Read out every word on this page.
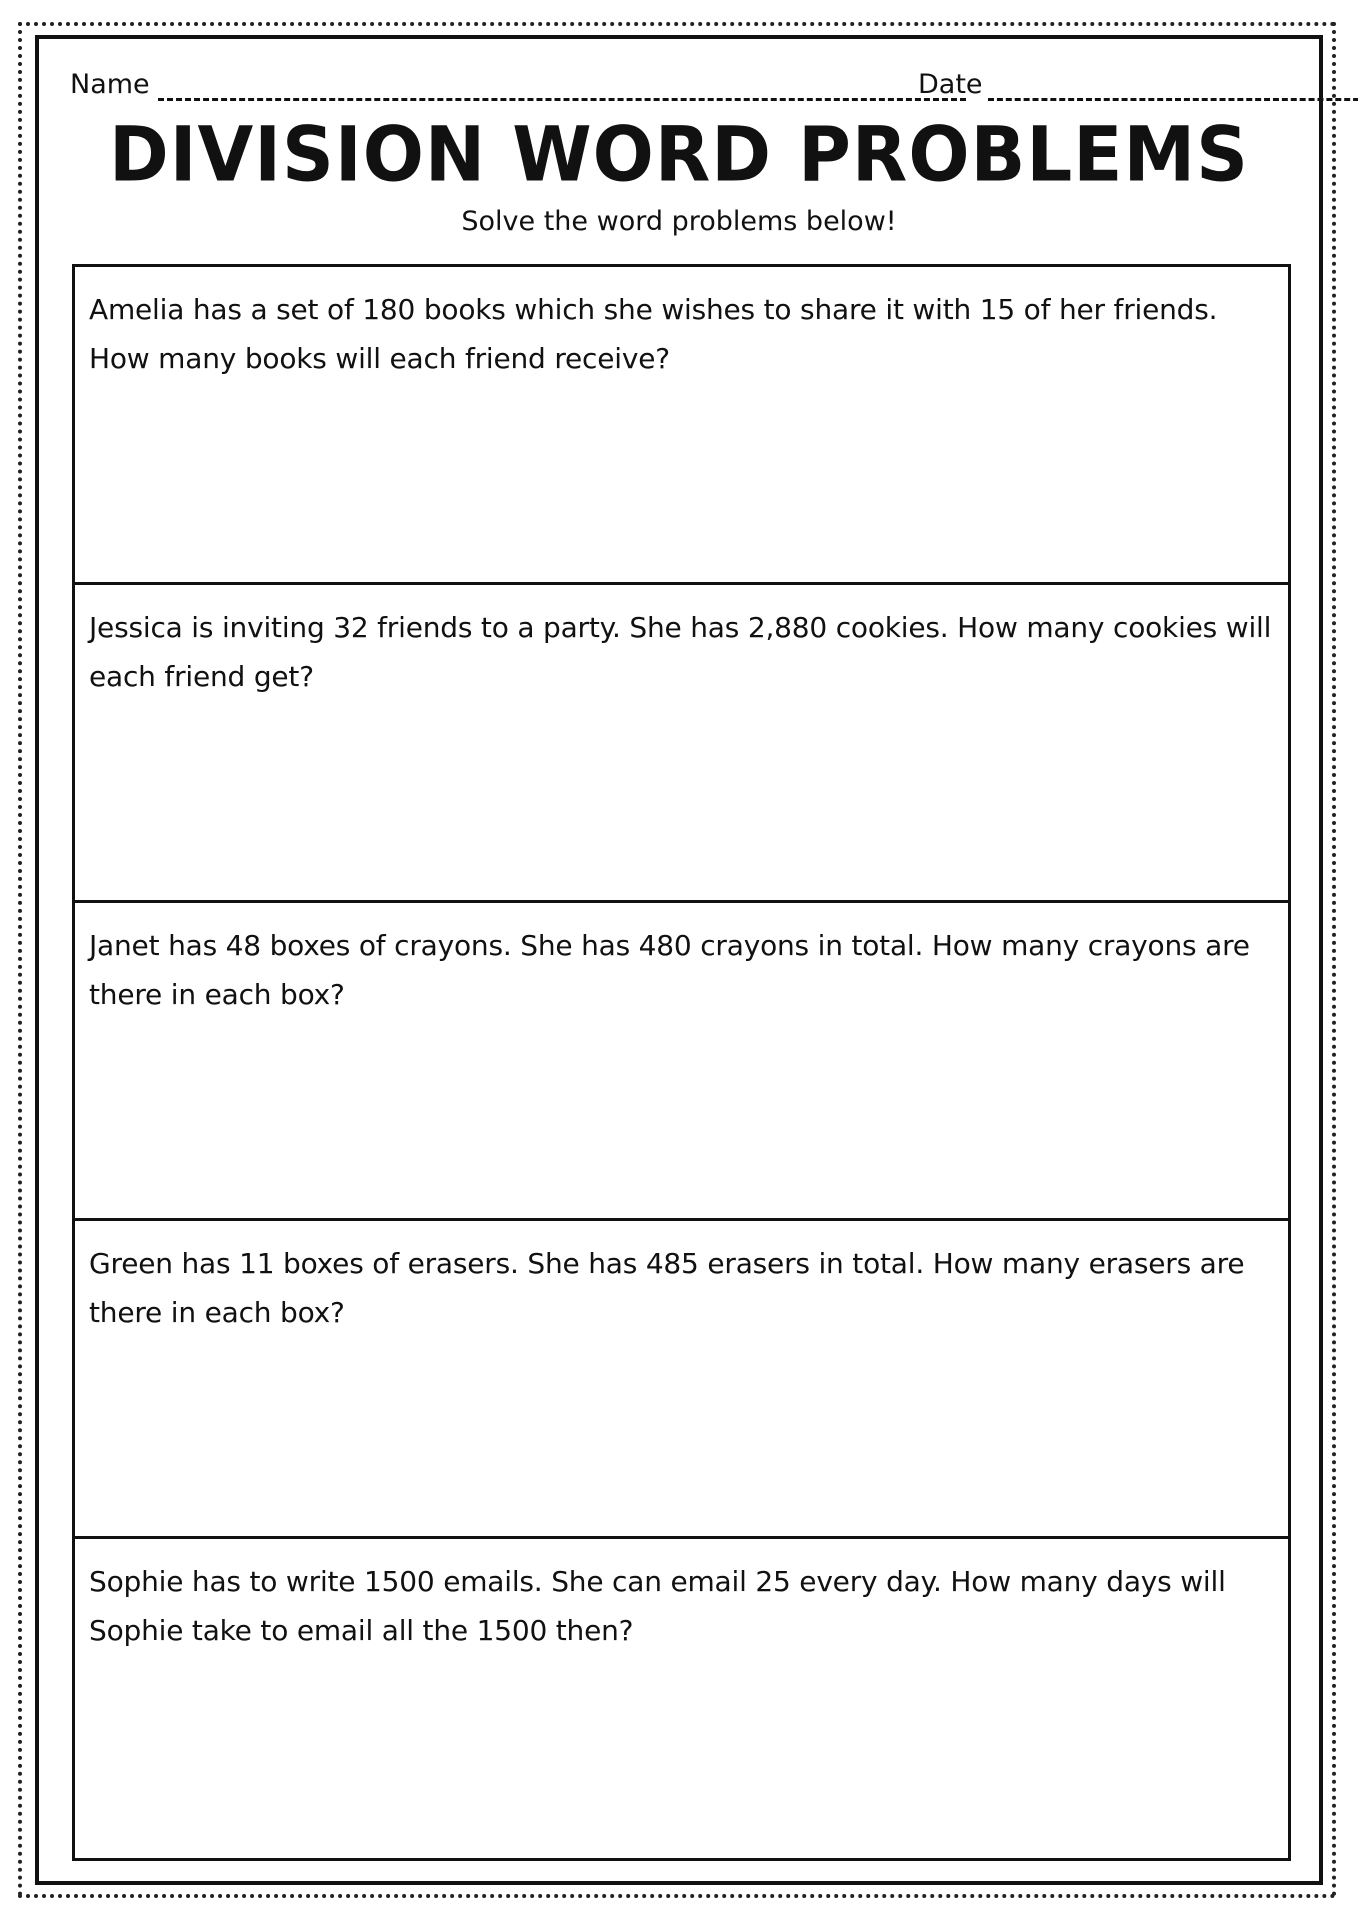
Name	Date
DIVISION WORD PROBLEMS
Solve the word problems below!
Amelia has a set of 180 books which she wishes to share it with 15 of her friends. How many books will each friend receive?
Jessica is inviting 32 friends to a party. She has 2,880 cookies. How many cookies will each friend get?
Janet has 48 boxes of crayons. She has 480 crayons in total. How many crayons are there in each box?
Green has 11 boxes of erasers. She has 485 erasers in total. How many erasers are there in each box?
Sophie has to write 1500 emails. She can email 25 every day. How many days will Sophie take to email all the 1500 then?
